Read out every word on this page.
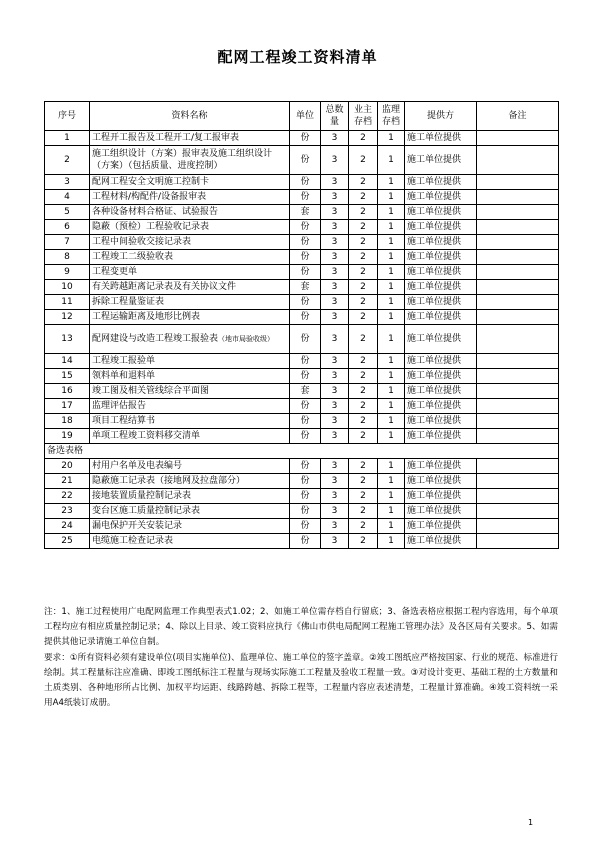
配网工程竣工资料清单
序号	资料名称	单位	总数量	业主存档	监理存档	提供方	备注
1	工程开工报告及工程开工/复工报审表	份	3	2	1	施工单位提供	
2	施工组织设计（方案）报审表及施工组织设计（方案）（包括质量、进度控制）	份	3	2	1	施工单位提供	
3	配网工程安全文明施工控制卡	份	3	2	1	施工单位提供	
4	工程材料/构配件/设备报审表	份	3	2	1	施工单位提供	
5	各种设备材料合格证、试验报告	套	3	2	1	施工单位提供	
6	隐蔽（预检）工程验收记录表	份	3	2	1	施工单位提供	
7	工程中间验收交接记录表	份	3	2	1	施工单位提供	
8	工程竣工二级验收表	份	3	2	1	施工单位提供	
9	工程变更单	份	3	2	1	施工单位提供	
10	有关跨越距离记录表及有关协议文件	套	3	2	1	施工单位提供	
11	拆除工程量鉴证表	份	3	2	1	施工单位提供	
12	工程运输距离及地形比例表	份	3	2	1	施工单位提供	
13	配网建设与改造工程竣工报验表（地市局验收级）	份	3	2	1	施工单位提供	
14	工程竣工报验单	份	3	2	1	施工单位提供	
15	领料单和退料单	份	3	2	1	施工单位提供	
16	竣工图及相关管线综合平面图	套	3	2	1	施工单位提供	
17	监理评估报告	份	3	2	1	施工单位提供	
18	项目工程结算书	份	3	2	1	施工单位提供	
19	单项工程竣工资料移交清单	份	3	2	1	施工单位提供	
备选表格							
20	村用户名单及电表编号	份	3	2	1	施工单位提供	
21	隐蔽施工记录表（接地网及拉盘部分）	份	3	2	1	施工单位提供	
22	接地装置质量控制记录表	份	3	2	1	施工单位提供	
23	变台区施工质量控制记录表	份	3	2	1	施工单位提供	
24	漏电保护开关安装记录	份	3	2	1	施工单位提供	
25	电缆施工检查记录表	份	3	2	1	施工单位提供	

注：1、施工过程使用广电配网监理工作典型表式1.02；2、如施工单位需存档自行留底；3、备选表格应根据工程内容选用，每个单项工程均应有相应质量控制记录；4、除以上目录、竣工资料应执行《佛山市供电局配网工程施工管理办法》及各区局有关要求。5、如需提供其他记录请施工单位自制。

要求：①所有资料必须有建设单位(项目实施单位)、监理单位、施工单位的签字盖章。②竣工图纸应严格按国家、行业的规范、标准进行绘制。其工程量标注应准确、即竣工图纸标注工程量与现场实际施工工程量及验收工程量一致。③对设计变更、基础工程的土方数量和土质类别、各种地形所占比例、加权平均运距、线路跨越、拆除工程等，工程量内容应表述清楚，工程量计算准确。④竣工资料统一采用A4纸装订成册。

1
